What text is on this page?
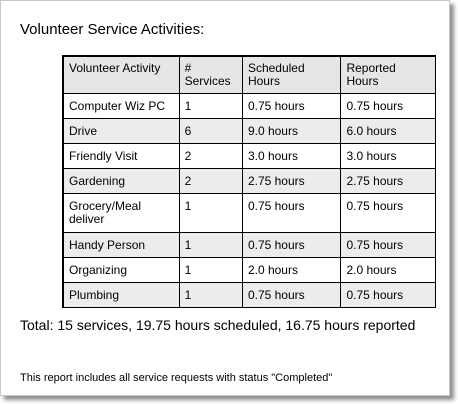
Volunteer Service Activities:
Volunteer Activity	# Services	Scheduled Hours	Reported Hours
Computer Wiz PC	1	0.75 hours	0.75 hours
Drive	6	9.0 hours	6.0 hours
Friendly Visit	2	3.0 hours	3.0 hours
Gardening	2	2.75 hours	2.75 hours
Grocery/Meal deliver	1	0.75 hours	0.75 hours
Handy Person	1	0.75 hours	0.75 hours
Organizing	1	2.0 hours	2.0 hours
Plumbing	1	0.75 hours	0.75 hours
Total: 15 services, 19.75 hours scheduled, 16.75 hours reported
This report includes all service requests with status "Completed"
